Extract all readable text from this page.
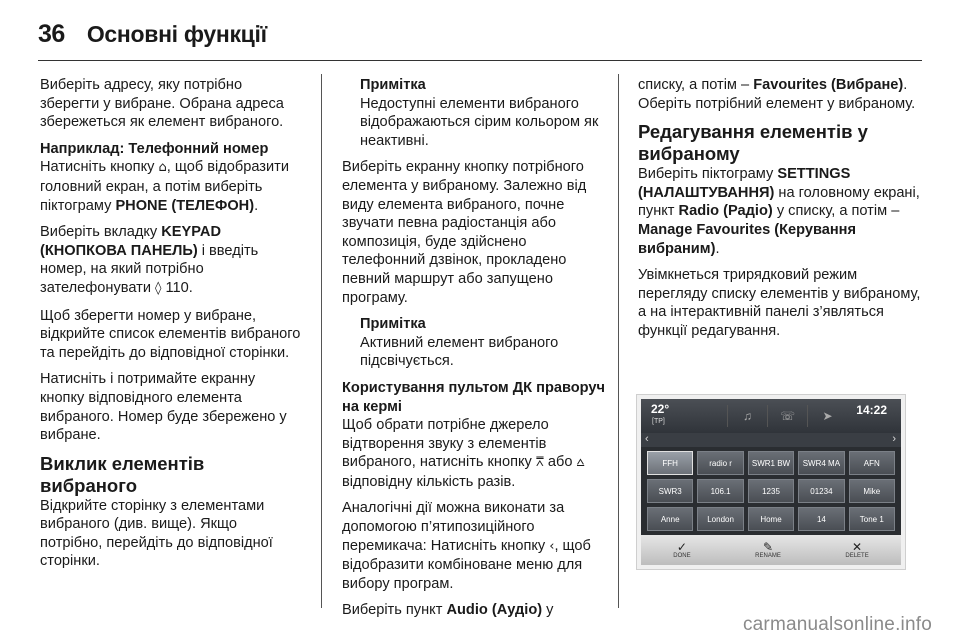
36 Основні функції

Виберіть адресу, яку потрібно зберегти у вибране. Обрана адреса збережеться як елемент вибраного.

Наприклад: Телефонний номер

Натисніть кнопку ⌂, щоб відобразити головний екран, а потім виберіть піктограму PHONE (ТЕЛЕФОН).

Виберіть вкладку KEYPAD (КНОПКОВА ПАНЕЛЬ) і введіть номер, на який потрібно зателефонувати ◊ 110.

Щоб зберегти номер у вибране, відкрийте список елементів вибраного та перейдіть до відповідної сторінки.

Натисніть і потримайте екранну кнопку відповідного елемента вибраного. Номер буде збережено у вибране.

Виклик елементів вибраного

Відкрийте сторінку з елементами вибраного (див. вище). Якщо потрібно, перейдіть до відповідної сторінки.

Примітка
Недоступні елементи вибраного відображаються сірим кольором як неактивні.

Виберіть екранну кнопку потрібного елемента у вибраному. Залежно від виду елемента вибраного, почне звучати певна радіостанція або композиція, буде здійснено телефонний дзвінок, прокладено певний маршрут або запущено програму.

Примітка
Активний елемент вибраного підсвічується.
Користування пультом ДК праворуч на кермі

Щоб обрати потрібне джерело відтворення звуку з елементів вибраного, натисніть кнопку ⩞ або ⩟ відповідну кількість разів.

Аналогічні дії можна виконати за допомогою п’ятипозиційного перемикача: Натисніть кнопку ‹, щоб відобразити комбіноване меню для вибору програм.

Виберіть пункт Audio (Аудіо) у

списку, а потім – Favourites (Вибране). Оберіть потрібний елемент у вибраному.

Редагування елементів у вибраному

Виберіть піктограму SETTINGS (НАЛАШТУВАННЯ) на головному екрані, пункт Radio (Радіо) у списку, а потім – Manage Favourites (Керування вибраним).

Увімкнеться трирядковий режим перегляду списку елементів у вибраному, а на інтерактивній панелі з’являться функції редагування.

22°
[TP]	♫	☏	➤	14:22
‹	›
FFH	radio r	SWR1 BW	SWR4 MA	AFN
SWR3	106.1	1235	01234	Mike
Anne	London	Home	14	Tone 1
✓
DONE
✎
RENAME
✕
DELETE
carmanualsonline.info
